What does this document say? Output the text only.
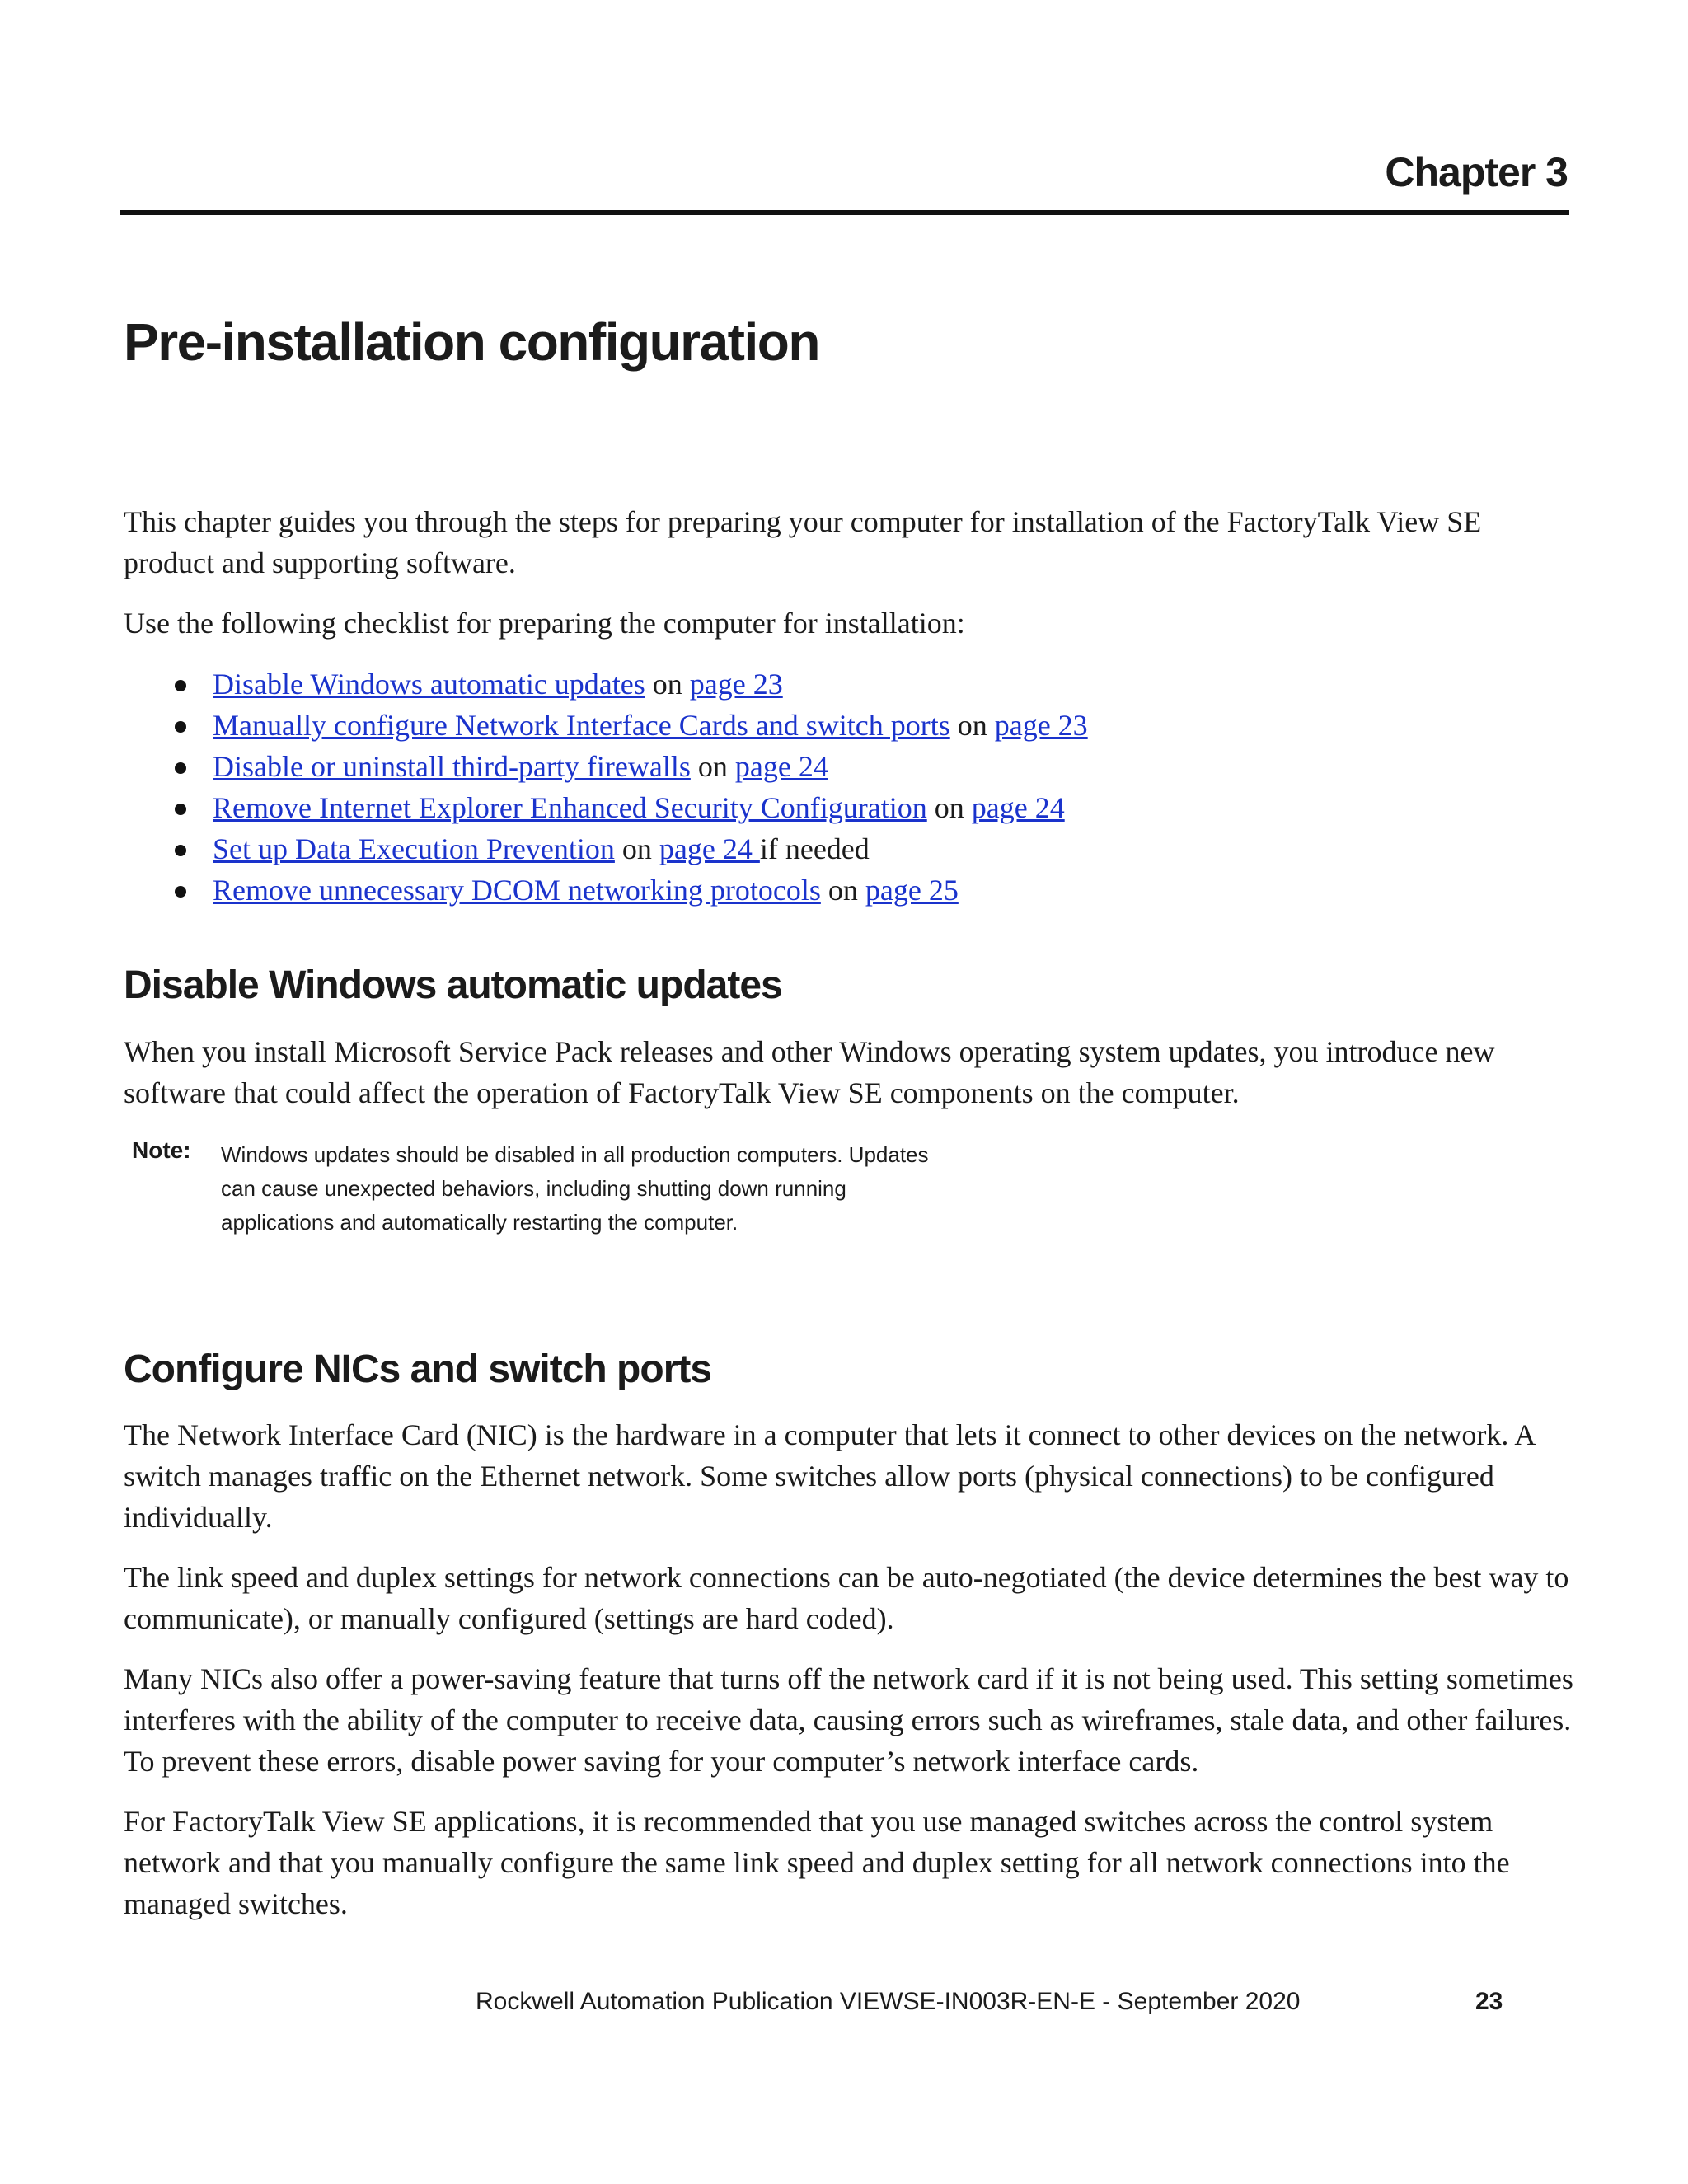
Chapter 3
Pre-installation configuration

This chapter guides you through the steps for preparing your computer for installation of the FactoryTalk View SE product and supporting software.

Use the following checklist for preparing the computer for installation:

Disable Windows automatic updates on page 23
Manually configure Network Interface Cards and switch ports on page 23
Disable or uninstall third-party firewalls on page 24
Remove Internet Explorer Enhanced Security Configuration on page 24
Set up Data Execution Prevention on page 24 if needed
Remove unnecessary DCOM networking protocols on page 25
Disable Windows automatic updates

When you install Microsoft Service Pack releases and other Windows operating system updates, you introduce new software that could affect the operation of FactoryTalk View SE components on the computer.

Note: Windows updates should be disabled in all production computers. Updates can cause unexpected behaviors, including shutting down running applications and automatically restarting the computer.

Configure NICs and switch ports

The Network Interface Card (NIC) is the hardware in a computer that lets it connect to other devices on the network. A switch manages traffic on the Ethernet network. Some switches allow ports (physical connections) to be configured individually.

The link speed and duplex settings for network connections can be auto-negotiated (the device determines the best way to communicate), or manually configured (settings are hard coded).

Many NICs also offer a power-saving feature that turns off the network card if it is not being used. This setting sometimes interferes with the ability of the computer to receive data, causing errors such as wireframes, stale data, and other failures. To prevent these errors, disable power saving for your computer’s network interface cards.

For FactoryTalk View SE applications, it is recommended that you use managed switches across the control system network and that you manually configure the same link speed and duplex setting for all network connections into the managed switches.

Rockwell Automation Publication VIEWSE-IN003R-EN-E - September 2020	23
